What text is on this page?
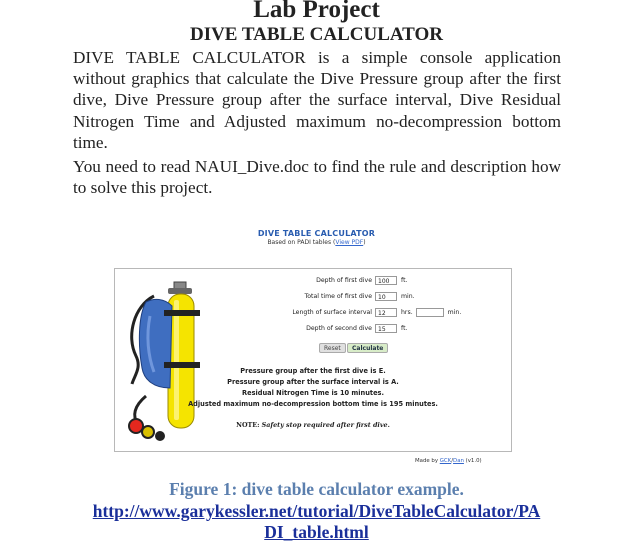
Lab Project
DIVE TABLE CALCULATOR

DIVE TABLE CALCULATOR is a simple console application without graphics that calculate the Dive Pressure group after the first dive, Dive Pressure group after the surface interval, Dive Residual Nitrogen Time and Adjusted maximum no-decompression bottom time.

You need to read NAUI_Dive.doc to find the rule and description how to solve this project.

DIVE TABLE CALCULATOR
Based on PADI tables (View PDF)
Depth of first dive	100	ft.
Total time of first dive	10	min.
Length of surface interval	12	hrs.	min.
Depth of second dive	15	ft.
Reset	Calculate
Pressure group after the first dive is E.
Pressure group after the surface interval is A.
Residual Nitrogen Time is 10 minutes.
Adjusted maximum no-decompression bottom time is 195 minutes.
NOTE: Safety stop required after first dive.
Made by GCK/Dan (v1.0)
Figure 1: dive table calculator example.
http://www.garykessler.net/tutorial/DiveTableCalculator/PA
DI_table.html
